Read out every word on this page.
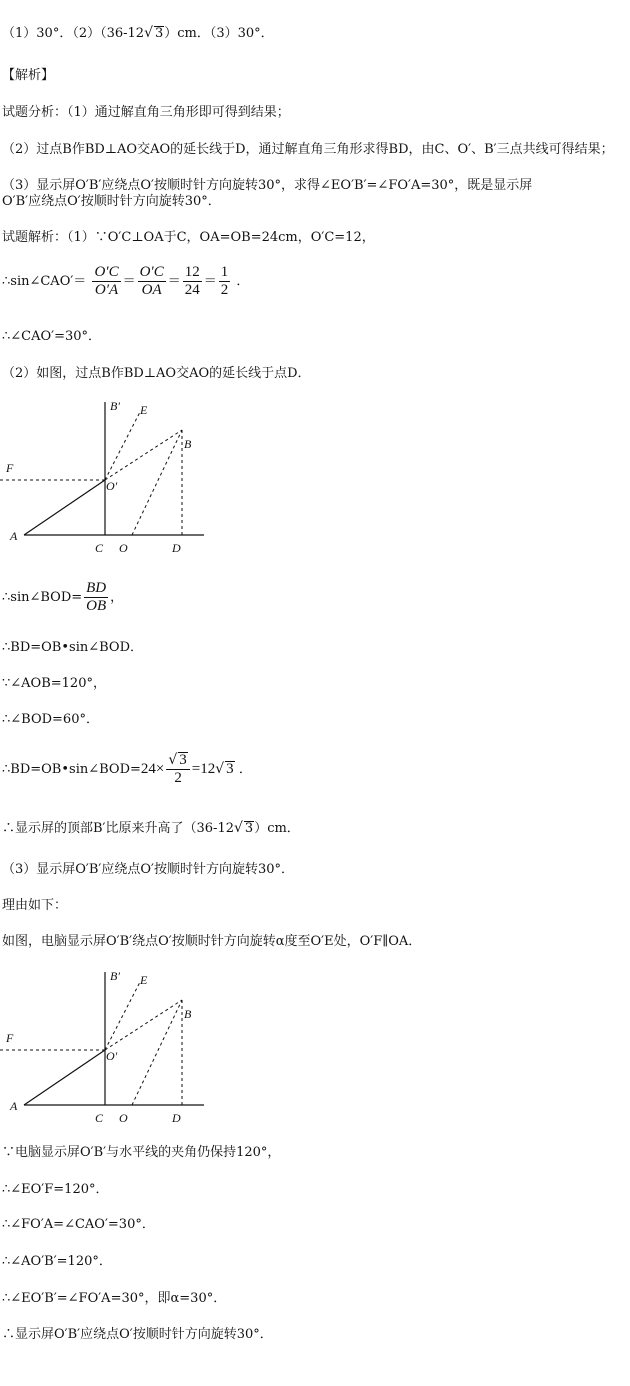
（1）30°．（2）（36-12√ 3）cm．（3）30°．
【解析】
试题分析：（1）通过解直角三角形即可得到结果；
（2）过点B作BD⊥AO交AO的延长线于D，通过解直角三角形求得BD，由C、O′、B′三点共线可得结果；
（3）显示屏O′B′应绕点O′按顺时针方向旋转30°，求得∠EO′B′=∠FO′A=30°，既是显示屏
O′B′应绕点O′按顺时针方向旋转30°．
试题解析：（1）∵O′C⊥OA于C，OA=OB=24cm，O′C=12，
∴sin∠CAO′＝ $\frac{O'C}{O'A} = \frac{O'C}{OA} = \frac{12}{24} = \frac{1}{2}$ ．
∴∠CAO′=30°．
（2）如图，过点B作BD⊥AO交AO的延长线于点D．
B′ E
B
F
O′
A
C O	D
∴sin∠BOD= $\frac{BD}{OB}$ ，
∴BD=OB•sin∠BOD．
∵∠AOB=120°，
∴∠BOD=60°．
∴BD=OB•sin∠BOD=24× $\frac{√ 3}{2} =12√$ 3 ．
∴显示屏的顶部B′比原来升高了（36-12√ 3）cm．
（3）显示屏O′B′应绕点O′按顺时针方向旋转30°．
理由如下：
如图，电脑显示屏O′B′绕点O′按顺时针方向旋转α度至O′E处，O′F∥OA．
B′ E
B
F
O′
A
C O	D
∵电脑显示屏O′B′与水平线的夹角仍保持120°，
∴∠EO′F=120°．
∴∠FO′A=∠CAO′=30°．
∴∠AO′B′=120°．
∴∠EO′B′=∠FO′A=30°，即α=30°．
∴显示屏O′B′应绕点O′按顺时针方向旋转30°．
